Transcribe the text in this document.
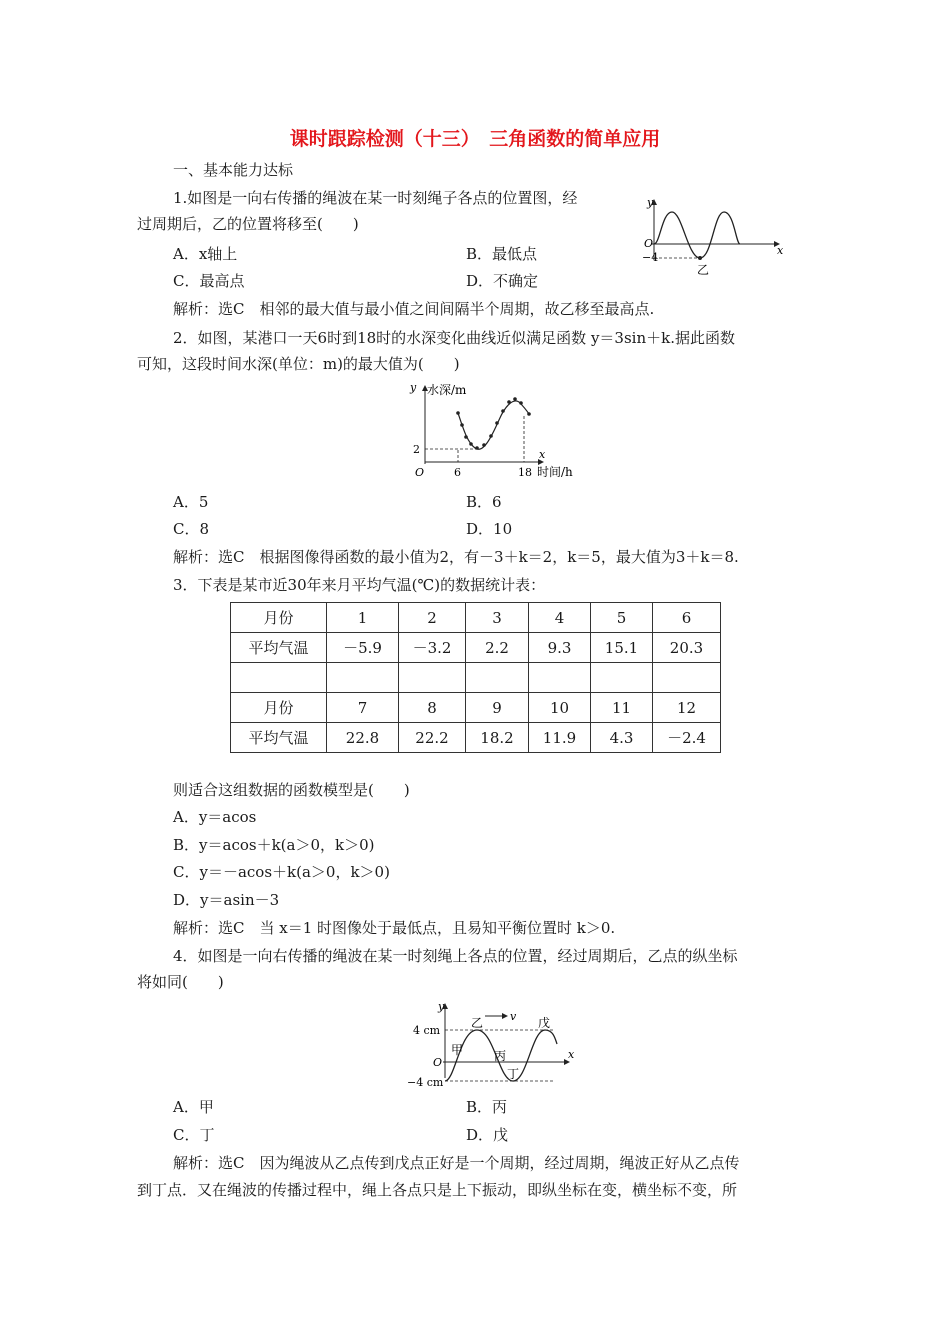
课时跟踪检测（十三）　三角函数的简单应用
一、基本能力达标
1.如图是一向右传播的绳波在某一时刻绳子各点的位置图，经
过周期后，乙的位置将移至(　　)
A．x轴上	B．最低点
C．最高点	D．不确定
解析：选C　相邻的最大值与最小值之间间隔半个周期，故乙移至最高点.
y
x
O
−4
乙
2．如图，某港口一天6时到18时的水深变化曲线近似满足函数 y＝3sin＋k.据此函数
可知，这段时间水深(单位：m)的最大值为(　　)
y 水深/m
x
2
O	6	18 时间/h
A．5	B．6
C．8	D．10
解析：选C　根据图像得函数的最小值为2，有－3＋k＝2，k＝5，最大值为3＋k＝8.
3．下表是某市近30年来月平均气温(℃)的数据统计表：
月份	1	2	3	4	5	6
平均气温	－5.9	－3.2	2.2	9.3	15.1	20.3

月份	7	8	9	10	11	12
平均气温	22.8	22.2	18.2	11.9	4.3	－2.4
则适合这组数据的函数模型是(　　)
A．y＝acos
B．y＝acos＋k(a＞0，k＞0)
C．y＝－acos＋k(a＞0，k＞0)
D．y＝asin－3
解析：选C　当 x＝1 时图像处于最低点，且易知平衡位置时 k＞0.
4．如图是一向右传播的绳波在某一时刻绳上各点的位置，经过周期后，乙点的纵坐标
将如同(　　)
y
v
4 cm
−4 cm
O
x
甲
乙
丙
丁
戊
A．甲	B．丙
C．丁	D．戊
解析：选C　因为绳波从乙点传到戊点正好是一个周期，经过周期，绳波正好从乙点传
到丁点．又在绳波的传播过程中，绳上各点只是上下振动，即纵坐标在变，横坐标不变，所
